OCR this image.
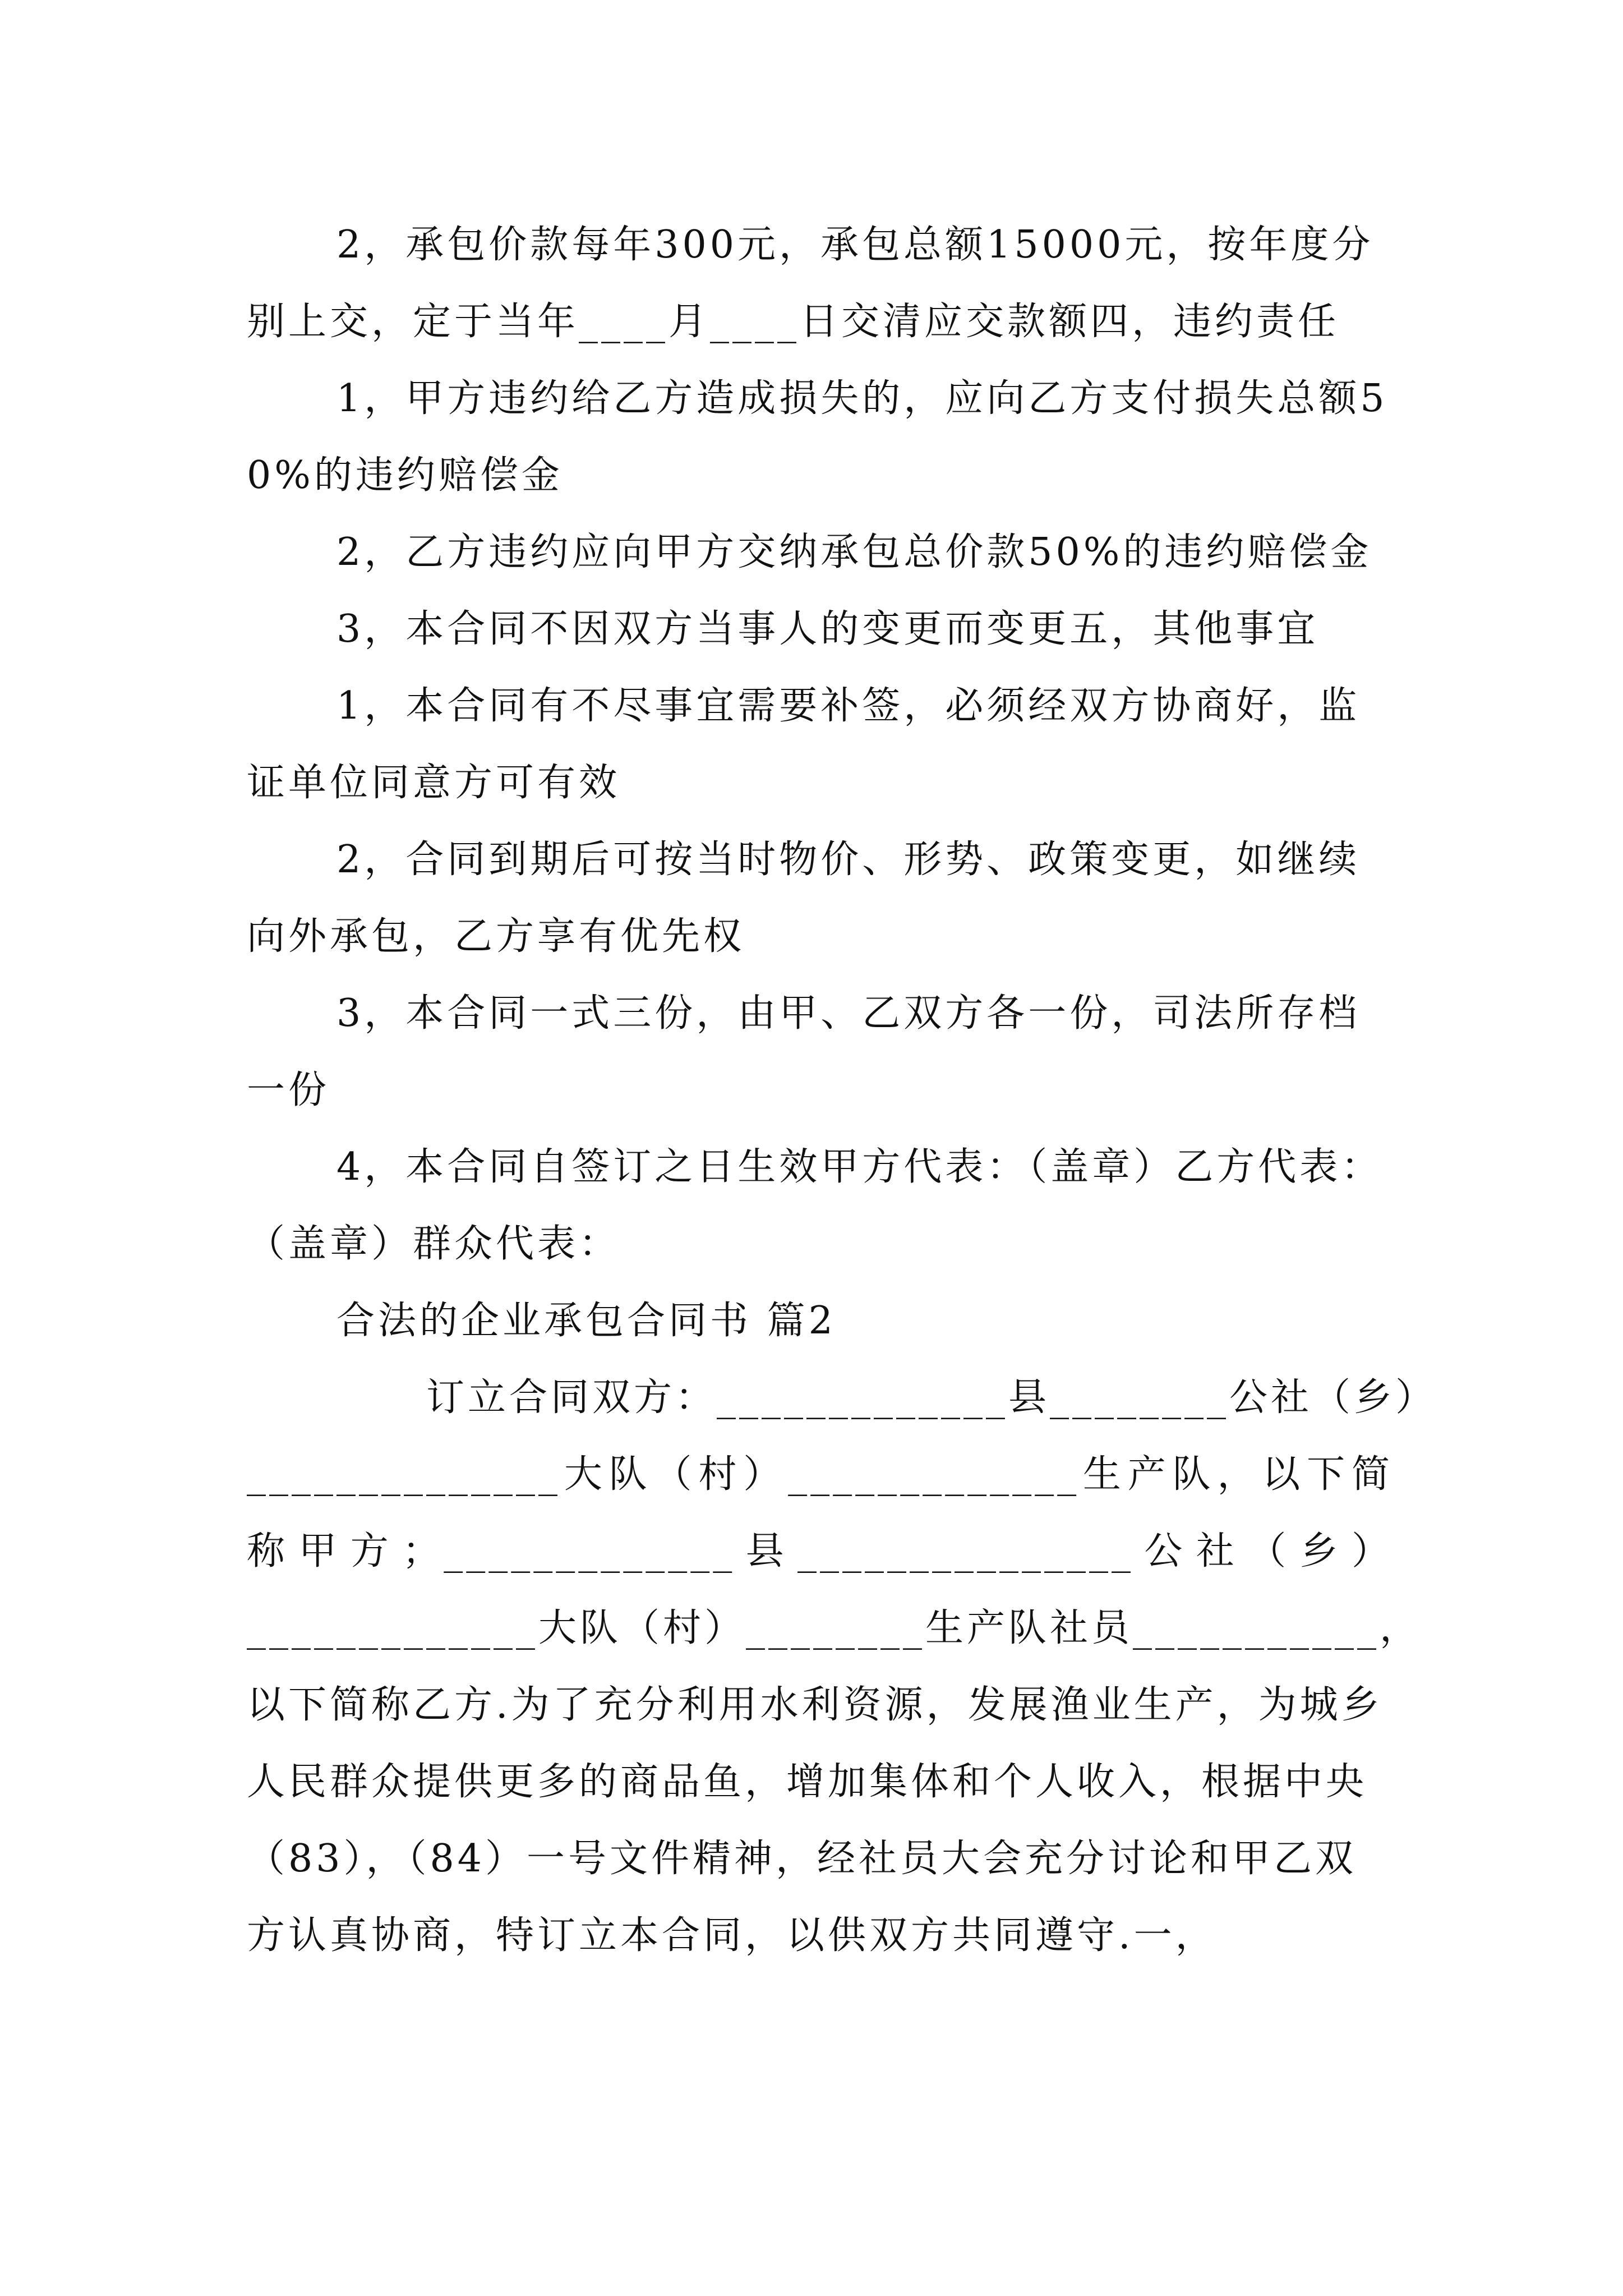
2，承包价款每年300元，承包总额15000元，按年度分别上交，定于当年____月____日交清应交款额四，违约责任

1，甲方违约给乙方造成损失的，应向乙方支付损失总额50%的违约赔偿金

2，乙方违约应向甲方交纳承包总价款50%的违约赔偿金

3，本合同不因双方当事人的变更而变更五，其他事宜

1，本合同有不尽事宜需要补签，必须经双方协商好，监证单位同意方可有效

2，合同到期后可按当时物价、形势、政策变更，如继续向外承包，乙方享有优先权

3，本合同一式三份，由甲、乙双方各一份，司法所存档一份

4，本合同自签订之日生效甲方代表：（盖章）乙方代表：（盖章）群众代表：

合法的企业承包合同书 篇2

订立合同双方：_____________县________公社（乡）
______________大队（村）_____________生产队，以下简
称甲方；_____________县_______________公社（乡）
_____________大队（村）________生产队社员___________，

以下简称乙方.为了充分利用水利资源，发展渔业生产，为城乡人民群众提供更多的商品鱼，增加集体和个人收入，根据中央（83），（84）一号文件精神，经社员大会充分讨论和甲乙双方认真协商，特订立本合同，以供双方共同遵守.一，
